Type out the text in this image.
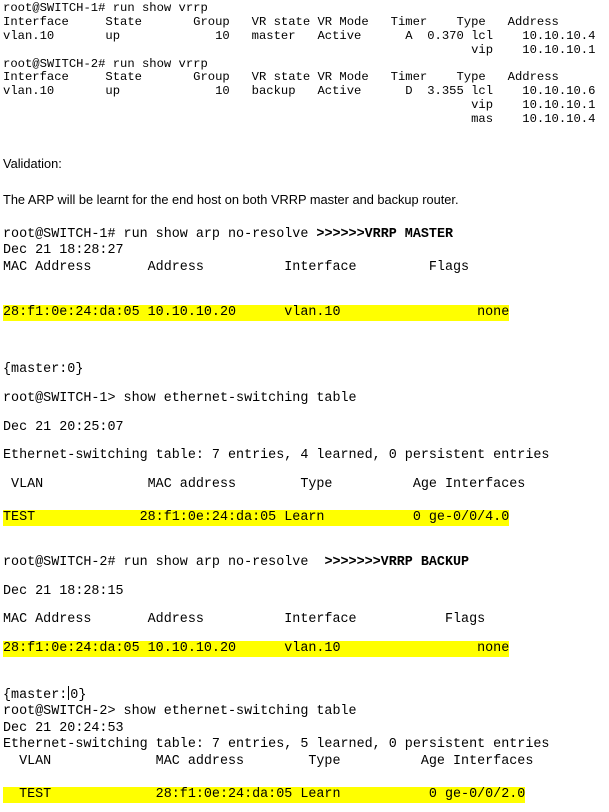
root@SWITCH-1# run show vrrp
Interface     State       Group   VR state VR Mode   Timer    Type   Address
vlan.10       up             10   master   Active      A  0.370 lcl    10.10.10.4
vip    10.10.10.1
root@SWITCH-2# run show vrrp
Interface     State       Group   VR state VR Mode   Timer    Type   Address
vlan.10       up             10   backup   Active      D  3.355 lcl    10.10.10.6
vip    10.10.10.1
mas    10.10.10.4
Validation:
The ARP will be learnt for the end host on both VRRP master and backup router.
root@SWITCH-1# run show arp no-resolve >>>>>>VRRP MASTER
Dec 21 18:28:27
MAC Address       Address          Interface         Flags
28:f1:0e:24:da:05 10.10.10.20      vlan.10                 none
{master:0}
root@SWITCH-1> show ethernet-switching table
Dec 21 20:25:07
Ethernet-switching table: 7 entries, 4 learned, 0 persistent entries
VLAN             MAC address        Type          Age Interfaces
TEST             28:f1:0e:24:da:05 Learn           0 ge-0/0/4.0
root@SWITCH-2# run show arp no-resolve  >>>>>>>VRRP BACKUP
Dec 21 18:28:15
MAC Address       Address          Interface           Flags
28:f1:0e:24:da:05 10.10.10.20      vlan.10                 none
{master: 0}
root@SWITCH-2> show ethernet-switching table
Dec 21 20:24:53
Ethernet-switching table: 7 entries, 5 learned, 0 persistent entries
VLAN             MAC address        Type          Age Interfaces
TEST             28:f1:0e:24:da:05 Learn           0 ge-0/0/2.0
